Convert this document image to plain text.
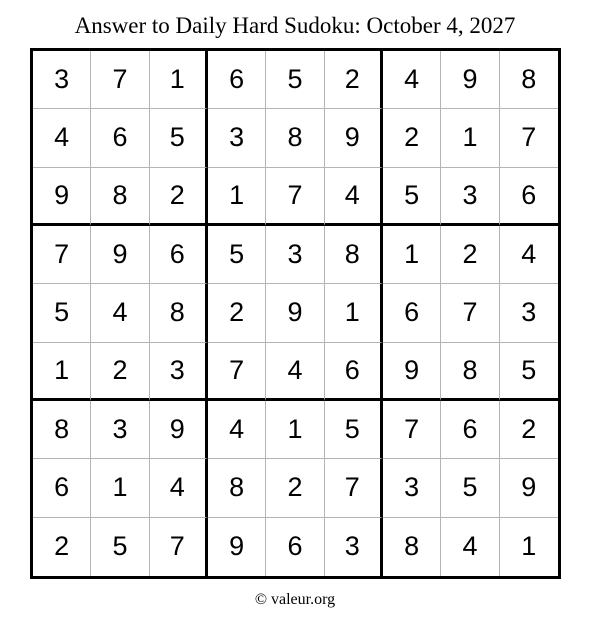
Answer to Daily Hard Sudoku: October 4, 2027
3	7	1	6	5	2	4	9	8
4	6	5	3	8	9	2	1	7
9	8	2	1	7	4	5	3	6
7	9	6	5	3	8	1	2	4
5	4	8	2	9	1	6	7	3
1	2	3	7	4	6	9	8	5
8	3	9	4	1	5	7	6	2
6	1	4	8	2	7	3	5	9
2	5	7	9	6	3	8	4	1
© valeur.org
